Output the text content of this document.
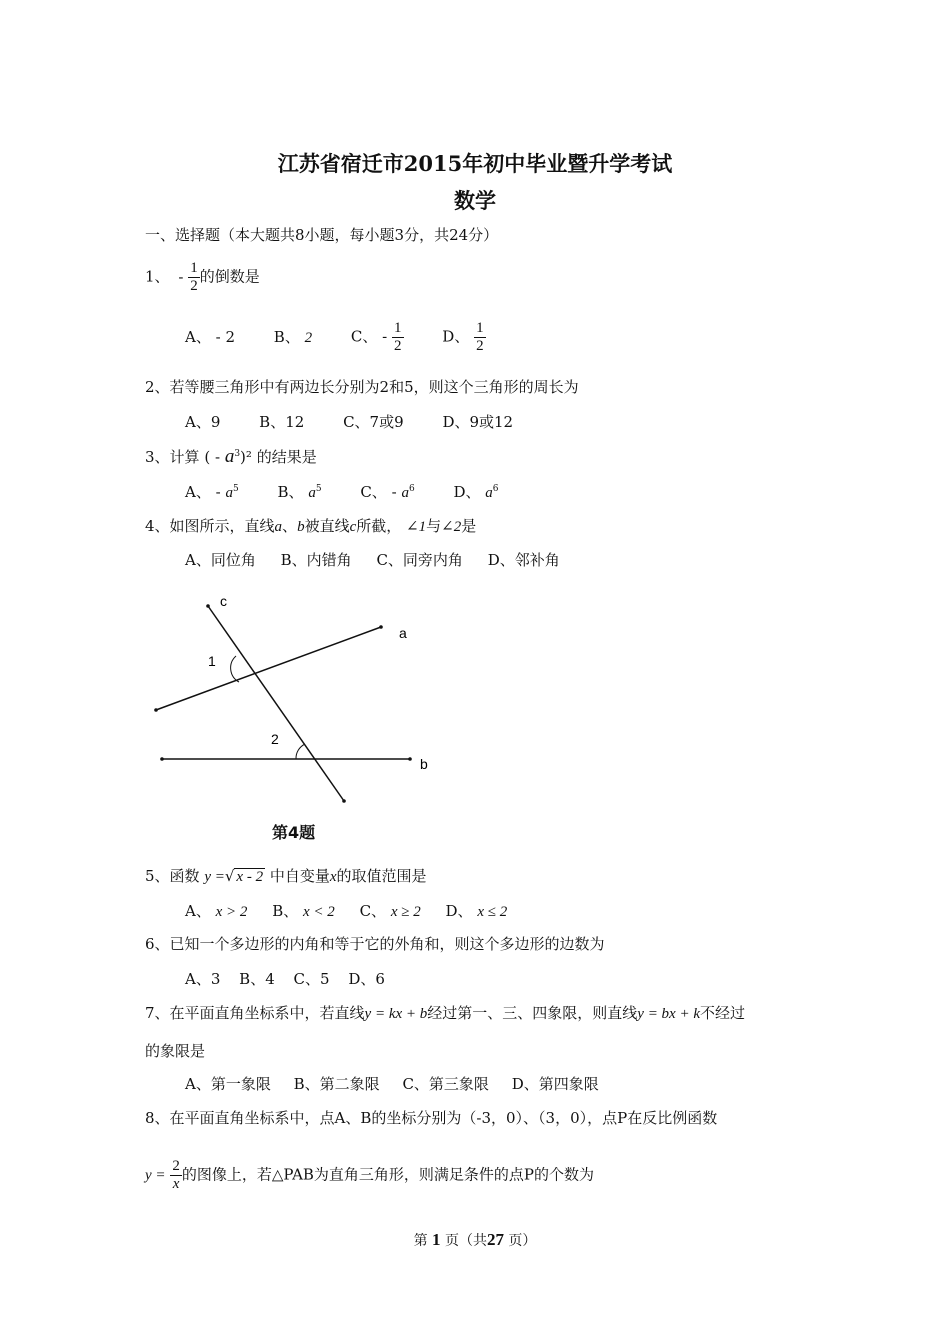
江苏省宿迁市2015年初中毕业暨升学考试
数学
一、选择题（本大题共8小题，每小题3分，共24分）
1、 - $\frac{1}{2}$ 的倒数是
A、 - 2	B、 2	C、 - $\frac{1}{2}$	D、 $\frac{1}{2}$
2、若等腰三角形中有两边长分别为2和5，则这个三角形的周长为
A、9	B、12	C、7或9	D、9或12
3、计算 ( - $a^3)^2$ 的结果是
A、 - $a^5$	B、 $a^5$	C、 - $a^6$	D、 $a^6$
4、如图所示，直线a、b被直线c所截， ∠1与∠2是
A、同位角 B、内错角 C、同旁内角 D、邻补角
c
a
b
1
2
第4题
5、函数 y =√ x - 2 中自变量x的取值范围是
A、 x > 2 B、 x < 2 C、 x ≥ 2 D、 x ≤ 2
6、已知一个多边形的内角和等于它的外角和，则这个多边形的边数为
A、3 B、4 C、5 D、6
7、在平面直角坐标系中，若直线y = kx + b经过第一、三、四象限，则直线y = bx + k不经过
的象限是
A、第一象限 B、第二象限 C、第三象限 D、第四象限
8、在平面直角坐标系中，点A、B的坐标分别为（-3，0）、（3，0），点P在反比例函数
$y = \frac{2}{x}$ 的图像上，若△PAB为直角三角形，则满足条件的点P的个数为
第 1 页（共27 页）
